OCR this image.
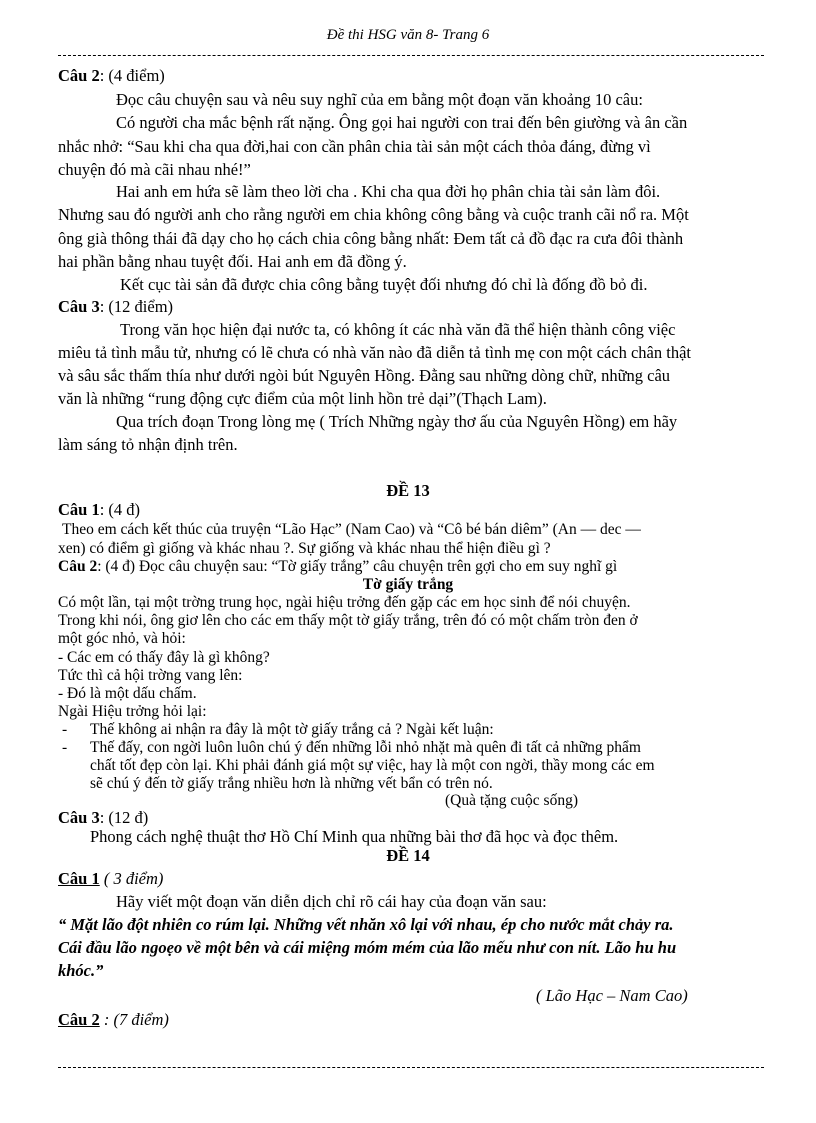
Đề thi HSG văn 8- Trang 6
Câu 2: (4 điểm)
Đọc câu chuyện sau và nêu suy nghĩ của em bằng một đoạn văn khoảng 10 câu:
Có người cha mắc bệnh rất nặng. Ông gọi hai người con trai đến bên giường và ân cần
nhắc nhở: “Sau khi cha qua đời,hai con cần phân chia tài sản một cách thỏa đáng, đừng vì
chuyện đó mà cãi nhau nhé!”
Hai anh em hứa sẽ làm theo lời cha . Khi cha qua đời họ phân chia tài sản làm đôi.
Nhưng sau đó người anh cho rằng người em chia không công bằng và cuộc tranh cãi nổ ra. Một
ông già thông thái đã dạy cho họ cách chia công bằng nhất: Đem tất cả đồ đạc ra cưa đôi thành
hai phần bằng nhau tuyệt đối. Hai anh em đã đồng ý.
Kết cục tài sản đã được chia công bằng tuyệt đối nhưng đó chỉ là đống đồ bỏ đi.
Câu 3: (12 điểm)
Trong văn học hiện đại nước ta, có không ít các nhà văn đã thể hiện thành công việc
miêu tả tình mẫu tử, nhưng có lẽ chưa có nhà văn nào đã diễn tả tình mẹ con một cách chân thật
và sâu sắc thấm thía như dưới ngòi bút Nguyên Hồng. Đằng sau những dòng chữ, những câu
văn là những “rung động cực điểm của một linh hồn trẻ dại”(Thạch Lam).
Qua trích đoạn Trong lòng mẹ ( Trích Những ngày thơ ấu của Nguyên Hồng) em hãy
làm sáng tỏ nhận định trên.
ĐỀ 13
Câu 1: (4 đ)
Theo em cách kết thúc của truyện “Lão Hạc” (Nam Cao) và “Cô bé bán diêm” (An — dec —
xen) có điểm gì giống và khác nhau ?. Sự giống và khác nhau thể hiện điều gì ?
Câu 2: (4 đ) Đọc câu chuyện sau: “Tờ giấy trắng” câu chuyện trên gợi cho em suy nghĩ gì
Tờ giấy trắng
Có một lần, tại một trờng trung học, ngài hiệu trởng đến gặp các em học sinh để nói chuyện.
Trong khi nói, ông giơ lên cho các em thấy một tờ giấy trắng, trên đó có một chấm tròn đen ở
một góc nhỏ, và hỏi:
- Các em có thấy đây là gì không?
Tức thì cả hội trờng vang lên:
- Đó là một dấu chấm.
Ngài Hiệu trởng hỏi lại:
- Thế không ai nhận ra đây là một tờ giấy trắng cả ? Ngài kết luận:
- Thế đấy, con ngời luôn luôn chú ý đến những lỗi nhỏ nhặt mà quên đi tất cả những phẩm
chất tốt đẹp còn lại. Khi phải đánh giá một sự việc, hay là một con ngời, thầy mong các em
sẽ chú ý đến tờ giấy trắng nhiều hơn là những vết bẩn có trên nó.
(Quà tặng cuộc sống)
Câu 3: (12 đ)
Phong cách nghệ thuật thơ Hồ Chí Minh qua những bài thơ đã học và đọc thêm.
ĐỀ 14
Câu 1 ( 3 điểm)
Hãy viết một đoạn văn diễn dịch chỉ rõ cái hay của đoạn văn sau:
“ Mặt lão đột nhiên co rúm lại. Những vết nhăn xô lại với nhau, ép cho nước mắt chảy ra.
Cái đầu lão ngoẹo về một bên và cái miệng móm mém của lão mếu như con nít. Lão hu hu
khóc.”
( Lão Hạc – Nam Cao)
Câu 2 : (7 điểm)
